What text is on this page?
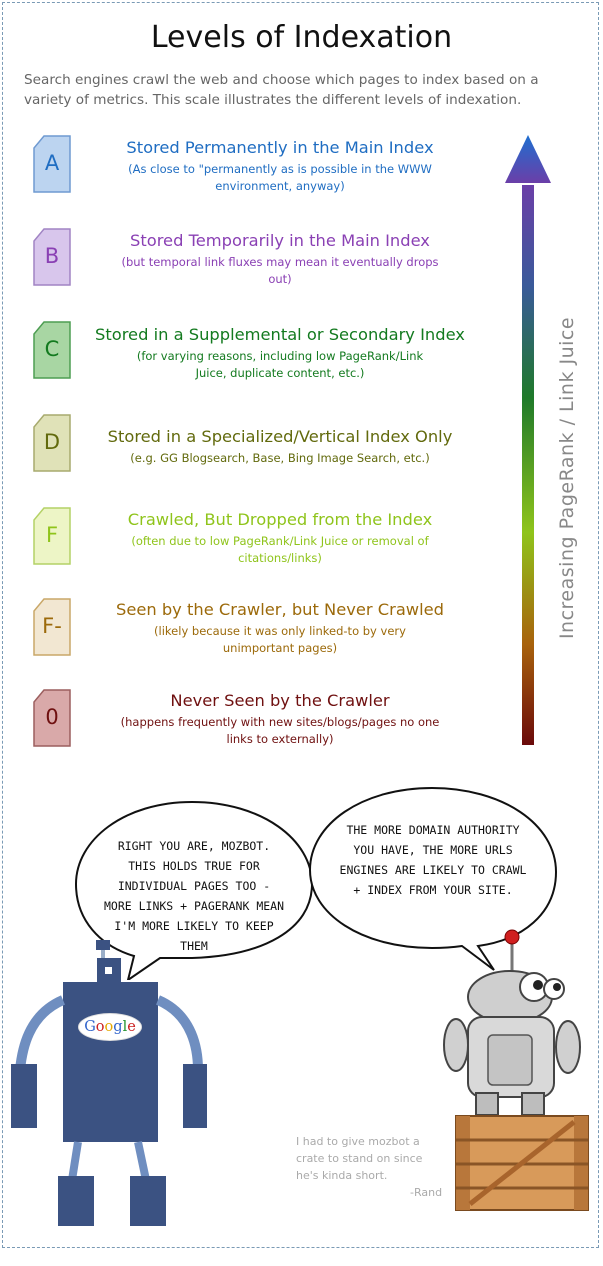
Levels of Indexation
Search engines crawl the web and choose which pages to index based on a variety of metrics. This scale illustrates the different levels of indexation.
A
Stored Permanently in the Main Index
(As close to "permanently as is possible in the WWW environment, anyway)
B
Stored Temporarily in the Main Index
(but temporal link fluxes may mean it eventually drops out)
C
Stored in a Supplemental or Secondary Index
(for varying reasons, including low PageRank/Link Juice, duplicate content, etc.)
D	Stored in a Specialized/Vertical Index Only
(e.g. GG Blogsearch, Base, Bing Image Search, etc.)
F
Crawled, But Dropped from the Index
(often due to low PageRank/Link Juice or removal of citations/links)
F-
Seen by the Crawler, but Never Crawled
(likely because it was only linked-to by very unimportant pages)
0
Never Seen by the Crawler
(happens frequently with new sites/blogs/pages no one links to externally)
Increasing PageRank / Link Juice
RIGHT YOU ARE, MOZBOT. THIS HOLDS TRUE FOR INDIVIDUAL PAGES TOO - MORE LINKS + PAGERANK MEAN I'M MORE LIKELY TO KEEP THEM
THE MORE DOMAIN AUTHORITY YOU HAVE, THE MORE URLS ENGINES ARE LIKELY TO CRAWL + INDEX FROM YOUR SITE.
Google
I had to give mozbot a crate to stand on since he's kinda short.
-Rand
